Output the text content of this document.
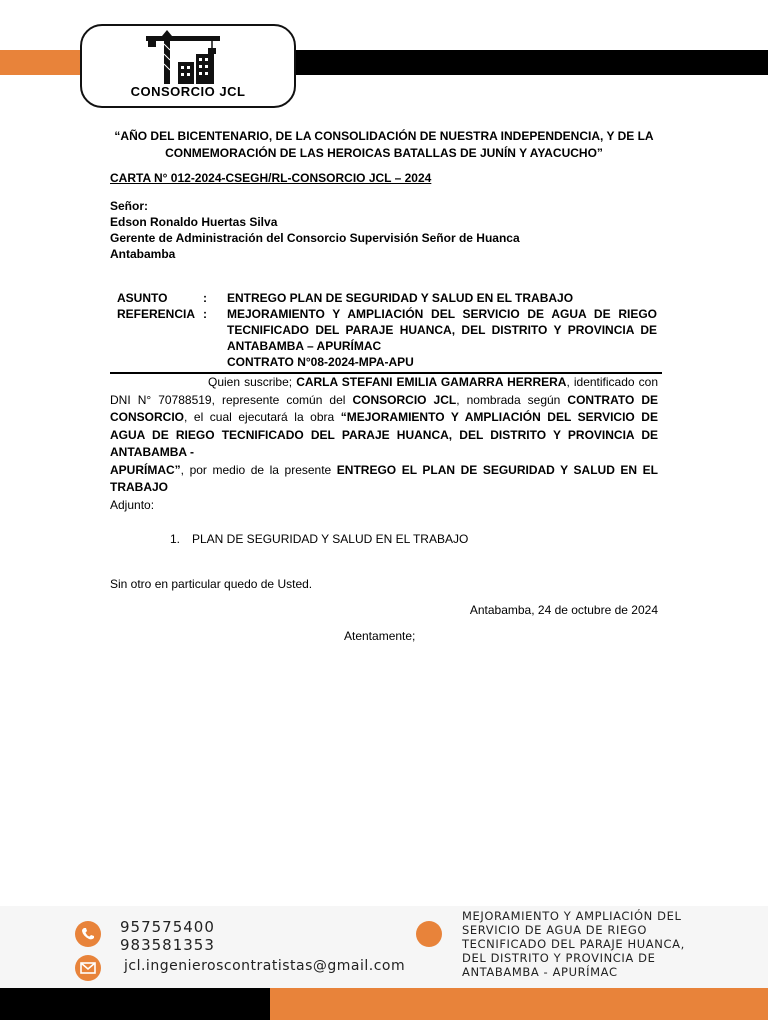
CONSORCIO JCL
“AÑO DEL BICENTENARIO, DE LA CONSOLIDACIÓN DE NUESTRA INDEPENDENCIA, Y DE LA CONMEMORACIÓN DE LAS HEROICAS BATALLAS DE JUNÍN Y AYACUCHO”
CARTA N° 012-2024-CSEGH/RL-CONSORCIO JCL – 2024
Señor:
Edson Ronaldo Huertas Silva
Gerente de Administración del Consorcio Supervisión Señor de Huanca
Antabamba
ASUNTO	:	ENTREGO PLAN DE SEGURIDAD Y SALUD EN EL TRABAJO
REFERENCIA :	MEJORAMIENTO Y AMPLIACIÓN DEL SERVICIO DE AGUA DE RIEGO TECNIFICADO DEL PARAJE HUANCA, DEL DISTRITO Y PROVINCIA DE ANTABAMBA – APURÍMAC
CONTRATO N°08-2024-MPA-APU
Quien suscribe; CARLA STEFANI EMILIA GAMARRA HERRERA, identificado con DNI N° 70788519, represente común del CONSORCIO JCL, nombrada según CONTRATO DE CONSORCIO, el cual ejecutará la obra “MEJORAMIENTO Y AMPLIACIÓN DEL SERVICIO DE AGUA DE RIEGO TECNIFICADO DEL PARAJE HUANCA, DEL DISTRITO Y PROVINCIA DE ANTABAMBA -
APURÍMAC”, por medio de la presente ENTREGO EL PLAN DE SEGURIDAD Y SALUD EN EL TRABAJO
Adjunto:
1. PLAN DE SEGURIDAD Y SALUD EN EL TRABAJO
Sin otro en particular quedo de Usted.
Antabamba, 24 de octubre de 2024
Atentamente;
957575400
983581353
jcl.ingenieroscontratistas@gmail.com
MEJORAMIENTO Y AMPLIACIÓN DEL SERVICIO DE AGUA DE RIEGO TECNIFICADO DEL PARAJE HUANCA, DEL DISTRITO Y PROVINCIA DE ANTABAMBA - APURÍMAC
